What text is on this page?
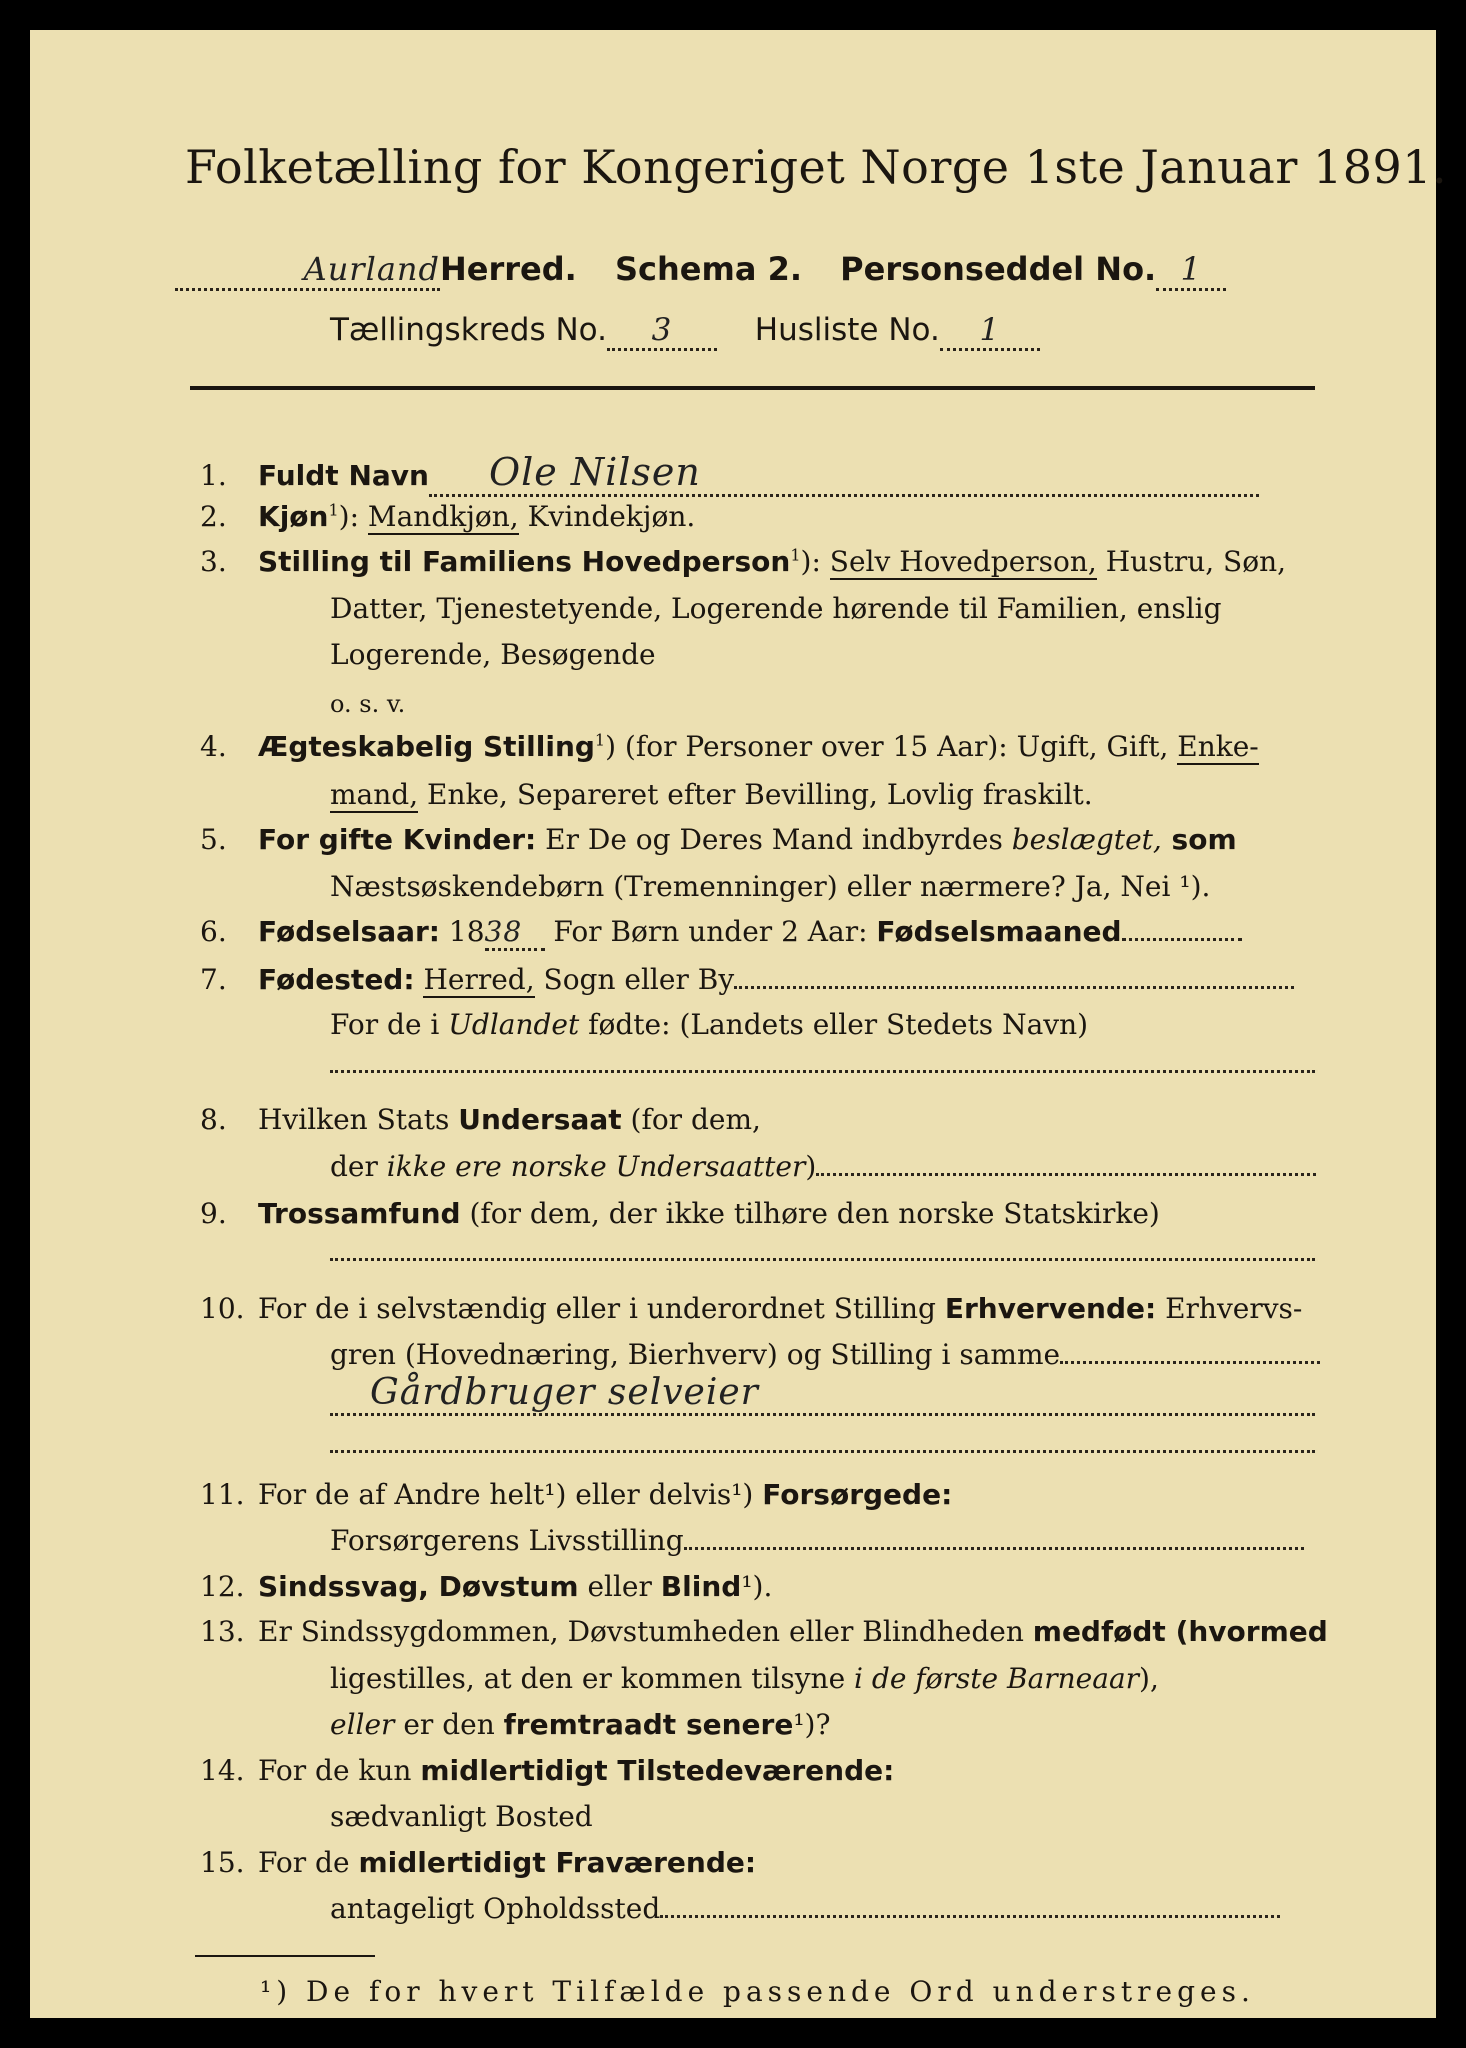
Folketælling for Kongeriget Norge 1ste Januar 1891.
AurlandHerred. Schema 2. Personseddel No. 1
Tællingskreds No. 3	Husliste No. 1
1. Fuldt Navn Ole Nilsen
2. Kjøn$^1$): Mandkjøn, Kvindekjøn.
3. Stilling til Familiens Hovedperson$^1$): Selv Hovedperson, Hustru, Søn,
Datter, Tjenestetyende, Logerende hørende til Familien, enslig
Logerende, Besøgende
o. s. v.
4. Ægteskabelig Stilling$^1$) (for Personer over 15 Aar): Ugift, Gift, Enke-
mand, Enke, Separeret efter Bevilling, Lovlig fraskilt.
5. For gifte Kvinder: Er De og Deres Mand indbyrdes beslægtet, som
Næstsøskendebørn (Tremenninger) eller nærmere? Ja, Nei ¹).
6. Fødselsaar: 1838 For Børn under 2 Aar: Fødselsmaaned
7. Fødested: Herred, Sogn eller By
For de i Udlandet fødte: (Landets eller Stedets Navn)
8. Hvilken Stats Undersaat (for dem,
der ikke ere norske Undersaatter)
9. Trossamfund (for dem, der ikke tilhøre den norske Statskirke)
10. For de i selvstændig eller i underordnet Stilling Erhvervende: Erhvervs-
gren (Hovednæring, Bierhverv) og Stilling i samme
Gårdbruger selveier
11. For de af Andre helt¹) eller delvis¹) Forsørgede:
Forsørgerens Livsstilling
12. Sindssvag, Døvstum eller Blind¹).
13. Er Sindssygdommen, Døvstumheden eller Blindheden medfødt (hvormed
ligestilles, at den er kommen tilsyne i de første Barneaar),
eller er den fremtraadt senere¹)?
14. For de kun midlertidigt Tilstedeværende:
sædvanligt Bosted
15. For de midlertidigt Fraværende:
antageligt Opholdssted
¹) De for hvert Tilfælde passende Ord understreges.
